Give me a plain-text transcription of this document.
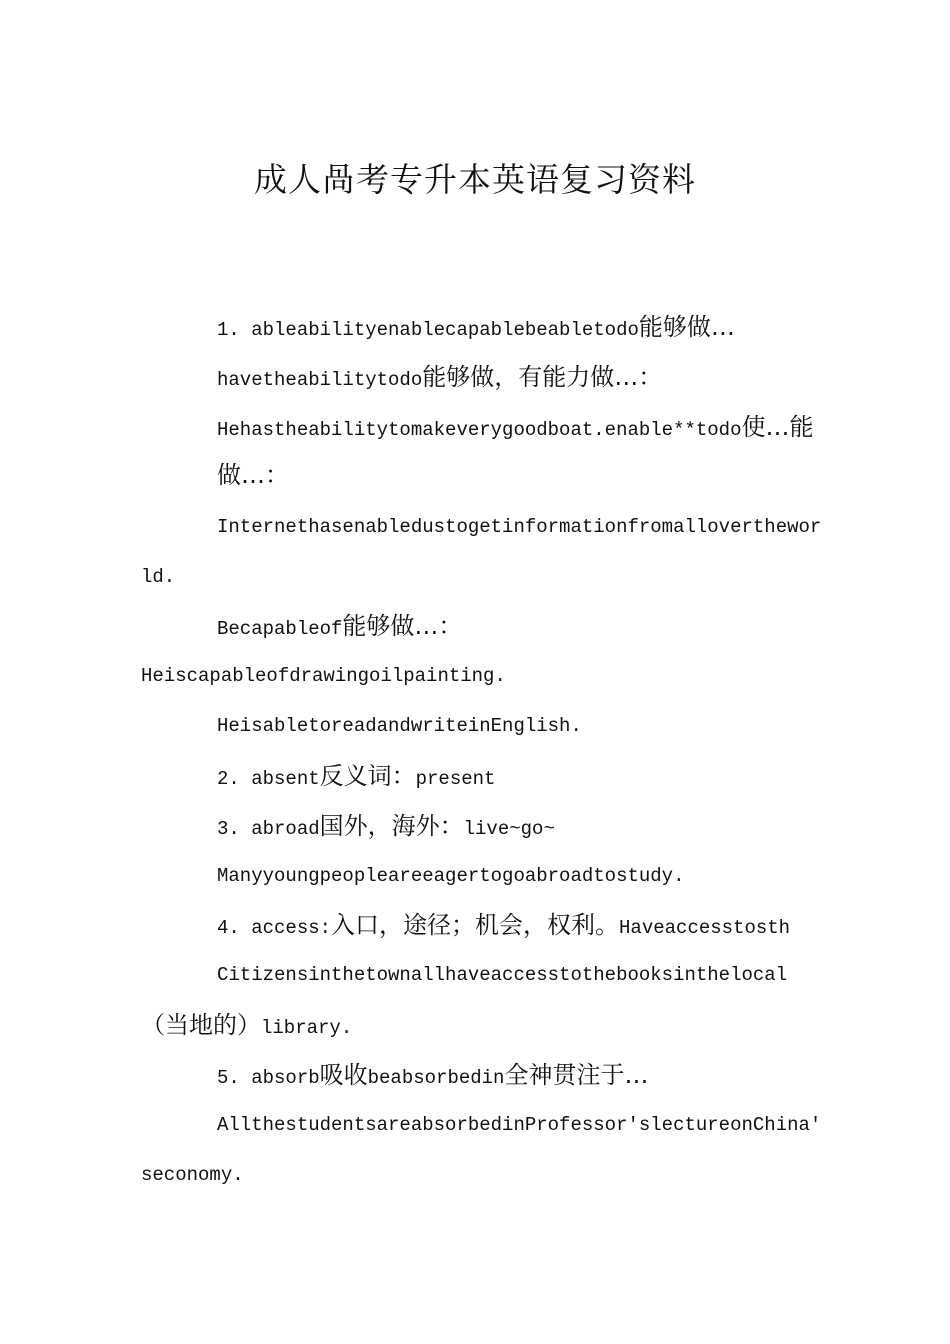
成人咼考专升本英语复习资料
1. ableabilityenablecapablebeabletodo能够做…
havetheabilitytodo能够做，有能力做…：
Hehastheabilitytomakeverygoodboat.enable**todo使…能
做…：
Internethasenabledustogetinformationfromalloverthewor
ld.
Becapableof能够做…：
Heiscapableofdrawingoilpainting.
HeisabletoreadandwriteinEnglish.
2. absent反义词：present
3. abroad国外，海外：live~go~
Manyyoungpeopleareeagertogoabroadtostudy.
4. access:入口，途径；机会，权利。Haveaccesstosth
Citizensinthetownallhaveaccesstothebooksinthelocal
（当地的）library.
5. absorb吸收beabsorbedin全神贯注于…
AllthestudentsareabsorbedinProfessor'slectureonChina'
seconomy.
